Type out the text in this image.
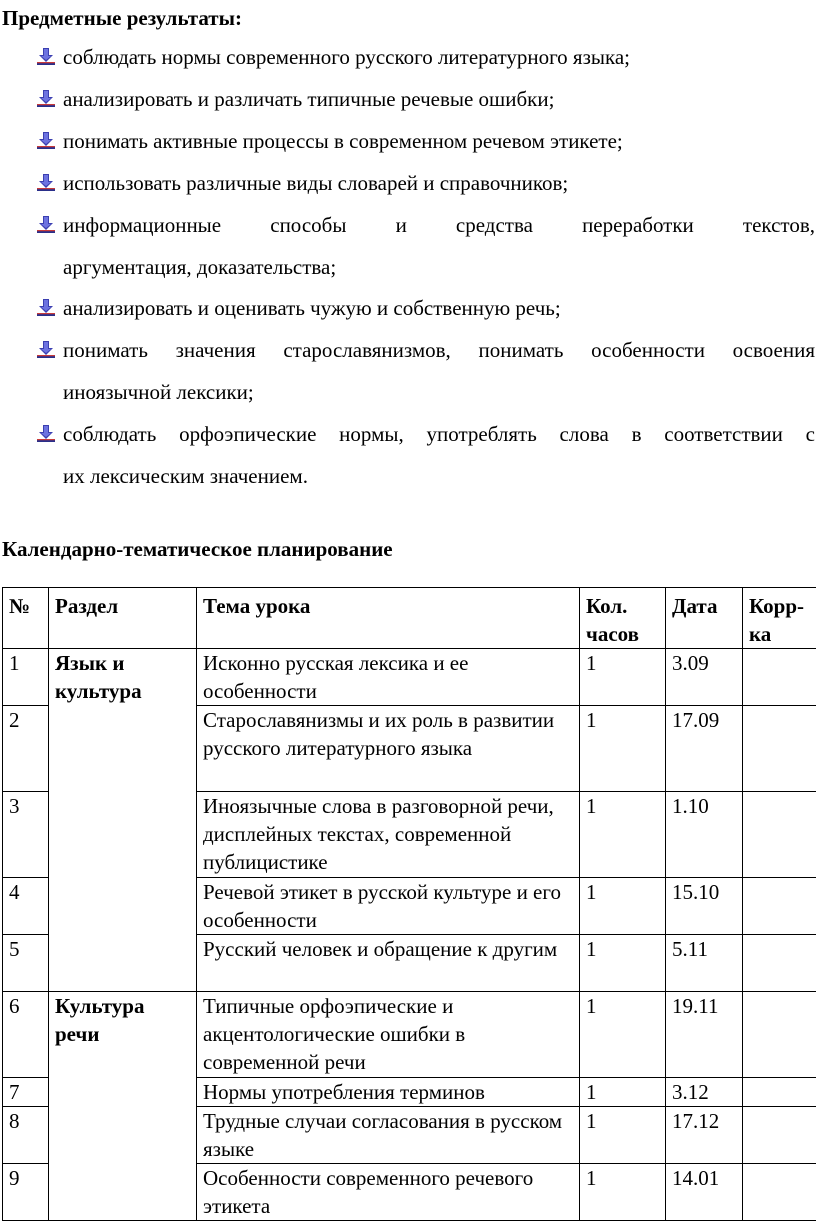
Предметные результаты:
соблюдать нормы современного русского литературного языка;
анализировать и различать типичные речевые ошибки;
понимать активные процессы в современном речевом этикете;
использовать различные виды словарей и справочников;
информационные способы и средства переработки текстов,
аргументация, доказательства;
анализировать и оценивать чужую и собственную речь;
понимать значения старославянизмов, понимать особенности освоения
иноязычной лексики;
соблюдать орфоэпические нормы, употреблять слова в соответствии с
их лексическим значением.
Календарно-тематическое планирование
№	Раздел	Тема урока	Кол. часов	Дата	Корр-ка
1	Язык и культура	Исконно русская лексика и ее особенности	1	3.09	
2		Старославянизмы и их роль в развитии русского литературного языка	1	17.09	
3		Иноязычные слова в разговорной речи, дисплейных текстах, современной публицистике	1	1.10	
4		Речевой этикет в русской культуре и его особенности	1	15.10	
5		Русский человек и обращение к другим	1	5.11	
6	Культура речи	Типичные орфоэпические и акцентологические ошибки в современной речи	1	19.11	
7		Нормы употребления терминов	1	3.12	
8		Трудные случаи согласования в русском языке	1	17.12	
9		Особенности современного речевого этикета	1	14.01	
